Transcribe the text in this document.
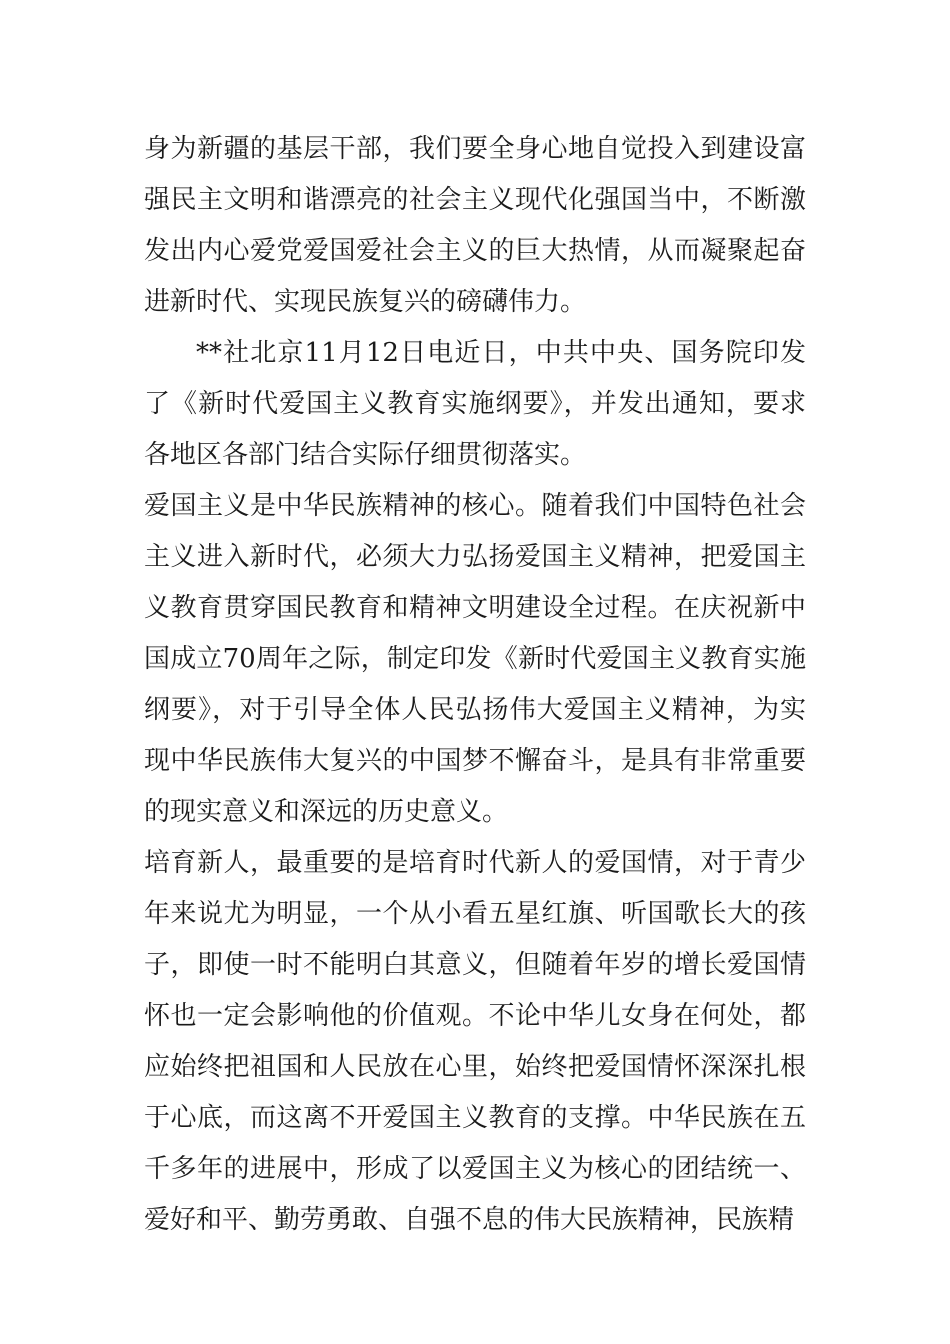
身为新疆的基层干部，我们要全身心地自觉投入到建设富强民主文明和谐漂亮的社会主义现代化强国当中，不断激发出内心爱党爱国爱社会主义的巨大热情，从而凝聚起奋进新时代、实现民族复兴的磅礴伟力。

**社北京11月12日电近日，中共中央、国务院印发了《新时代爱国主义教育实施纲要》，并发出通知，要求各地区各部门结合实际仔细贯彻落实。

爱国主义是中华民族精神的核心。随着我们中国特色社会主义进入新时代，必须大力弘扬爱国主义精神，把爱国主义教育贯穿国民教育和精神文明建设全过程。在庆祝新中国成立70周年之际，制定印发《新时代爱国主义教育实施纲要》，对于引导全体人民弘扬伟大爱国主义精神，为实现中华民族伟大复兴的中国梦不懈奋斗，是具有非常重要的现实意义和深远的历史意义。

培育新人，最重要的是培育时代新人的爱国情，对于青少年来说尤为明显，一个从小看五星红旗、听国歌长大的孩子，即使一时不能明白其意义，但随着年岁的增长爱国情怀也一定会影响他的价值观。不论中华儿女身在何处，都应始终把祖国和人民放在心里，始终把爱国情怀深深扎根于心底，而这离不开爱国主义教育的支撑。中华民族在五千多年的进展中，形成了以爱国主义为核心的团结统一、爱好和平、勤劳勇敢、自强不息的伟大民族精神，民族精
